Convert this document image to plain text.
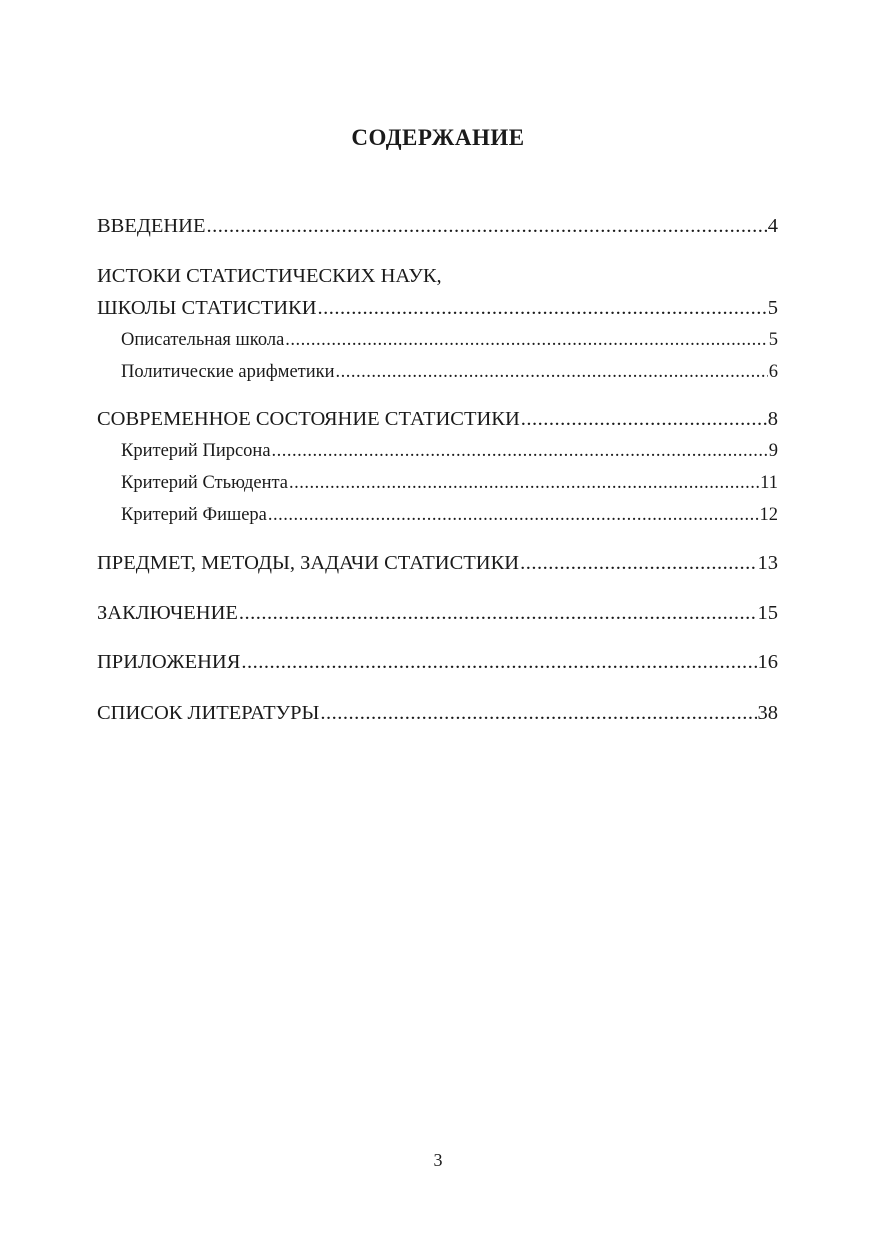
СОДЕРЖАНИЕ
ВВЕДЕНИЕ .....	4
ИСТОКИ СТАТИСТИЧЕСКИХ НАУК,
ШКОЛЫ СТАТИСТИКИ .....	5
Описательная школа .....	5
Политические арифметики .....	6
СОВРЕМЕННОЕ СОСТОЯНИЕ СТАТИСТИКИ .....	8
Критерий Пирсона .....	9
Критерий Стьюдента .....	11
Критерий Фишера .....	12
ПРЕДМЕТ, МЕТОДЫ, ЗАДАЧИ СТАТИСТИКИ .....	13
ЗАКЛЮЧЕНИЕ .....	15
ПРИЛОЖЕНИЯ .....	16
СПИСОК ЛИТЕРАТУРЫ .....	38
3
